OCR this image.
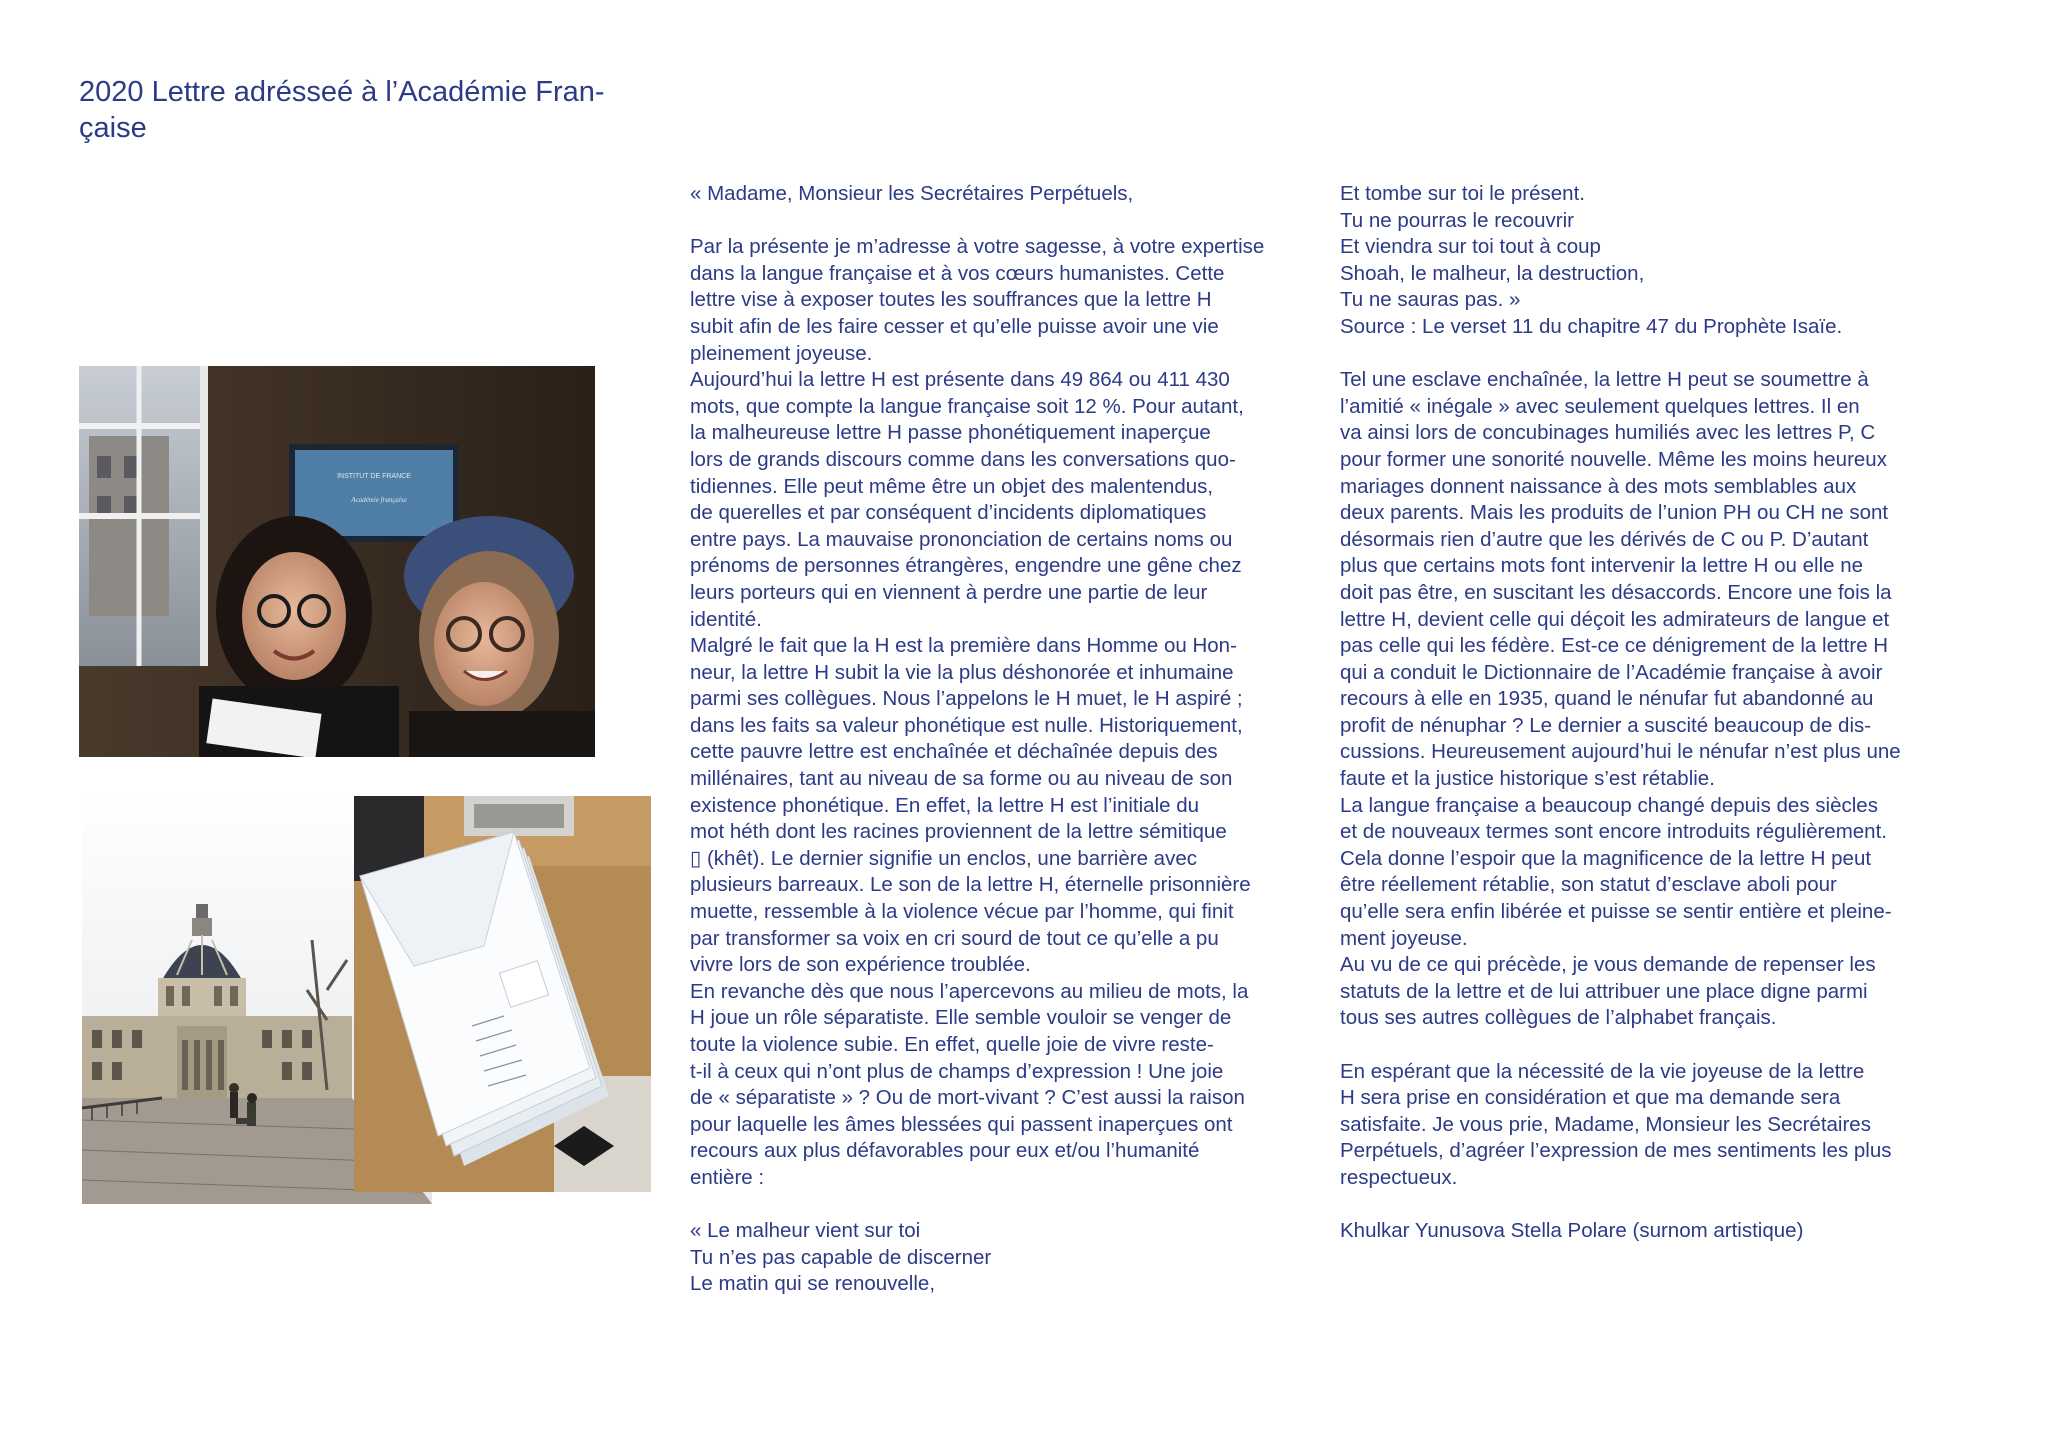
2020 Lettre adrésseé à l’Académie Fran-
çaise
INSTITUT DE FRANCE
Académie française
« Madame, Monsieur les Secrétaires Perpétuels,
Par la présente je m’adresse à votre sagesse, à votre expertise
dans la langue française et à vos cœurs humanistes. Cette
lettre vise à exposer toutes les souffrances que la lettre H
subit afin de les faire cesser et qu’elle puisse avoir une vie
pleinement joyeuse.
Aujourd’hui la lettre H est présente dans 49 864 ou 411 430
mots, que compte la langue française soit 12 %. Pour autant,
la malheureuse lettre H passe phonétiquement inaperçue
lors de grands discours comme dans les conversations quo-
tidiennes. Elle peut même être un objet des malentendus,
de querelles et par conséquent d’incidents diplomatiques
entre pays. La mauvaise prononciation de certains noms ou
prénoms de personnes étrangères, engendre une gêne chez
leurs porteurs qui en viennent à perdre une partie de leur
identité.
Malgré le fait que la H est la première dans Homme ou Hon-
neur, la lettre H subit la vie la plus déshonorée et inhumaine
parmi ses collègues. Nous l’appelons le H muet, le H aspiré ;
dans les faits sa valeur phonétique est nulle. Historiquement,
cette pauvre lettre est enchaînée et déchaînée depuis des
millénaires, tant au niveau de sa forme ou au niveau de son
existence phonétique. En effet, la lettre H est l’initiale du
mot héth dont les racines proviennent de la lettre sémitique
▯ (khêt). Le dernier signifie un enclos, une barrière avec
plusieurs barreaux. Le son de la lettre H, éternelle prisonnière
muette, ressemble à la violence vécue par l’homme, qui finit
par transformer sa voix en cri sourd de tout ce qu’elle a pu
vivre lors de son expérience troublée.
En revanche dès que nous l’apercevons au milieu de mots, la
H joue un rôle séparatiste. Elle semble vouloir se venger de
toute la violence subie. En effet, quelle joie de vivre reste-
t-il à ceux qui n’ont plus de champs d’expression ! Une joie
de « séparatiste » ? Ou de mort-vivant ? C’est aussi la raison
pour laquelle les âmes blessées qui passent inaperçues ont
recours aux plus défavorables pour eux et/ou l’humanité
entière :
« Le malheur vient sur toi
Tu n’es pas capable de discerner
Le matin qui se renouvelle,
Et tombe sur toi le présent.
Tu ne pourras le recouvrir
Et viendra sur toi tout à coup
Shoah, le malheur, la destruction,
Tu ne sauras pas. »
Source : Le verset 11 du chapitre 47 du Prophète Isaïe.
Tel une esclave enchaînée, la lettre H peut se soumettre à
l’amitié « inégale » avec seulement quelques lettres. Il en
va ainsi lors de concubinages humiliés avec les lettres P, C
pour former une sonorité nouvelle. Même les moins heureux
mariages donnent naissance à des mots semblables aux
deux parents. Mais les produits de l’union PH ou CH ne sont
désormais rien d’autre que les dérivés de C ou P. D’autant
plus que certains mots font intervenir la lettre H ou elle ne
doit pas être, en suscitant les désaccords. Encore une fois la
lettre H, devient celle qui déçoit les admirateurs de langue et
pas celle qui les fédère. Est-ce ce dénigrement de la lettre H
qui a conduit le Dictionnaire de l’Académie française à avoir
recours à elle en 1935, quand le nénufar fut abandonné au
profit de nénuphar ? Le dernier a suscité beaucoup de dis-
cussions. Heureusement aujourd’hui le nénufar n’est plus une
faute et la justice historique s’est rétablie.
La langue française a beaucoup changé depuis des siècles
et de nouveaux termes sont encore introduits régulièrement.
Cela donne l’espoir que la magnificence de la lettre H peut
être réellement rétablie, son statut d’esclave aboli pour
qu’elle sera enfin libérée et puisse se sentir entière et pleine-
ment joyeuse.
Au vu de ce qui précède, je vous demande de repenser les
statuts de la lettre et de lui attribuer une place digne parmi
tous ses autres collègues de l’alphabet français.
En espérant que la nécessité de la vie joyeuse de la lettre
H sera prise en considération et que ma demande sera
satisfaite. Je vous prie, Madame, Monsieur les Secrétaires
Perpétuels, d’agréer l’expression de mes sentiments les plus
respectueux.
Khulkar Yunusova Stella Polare (surnom artistique)
